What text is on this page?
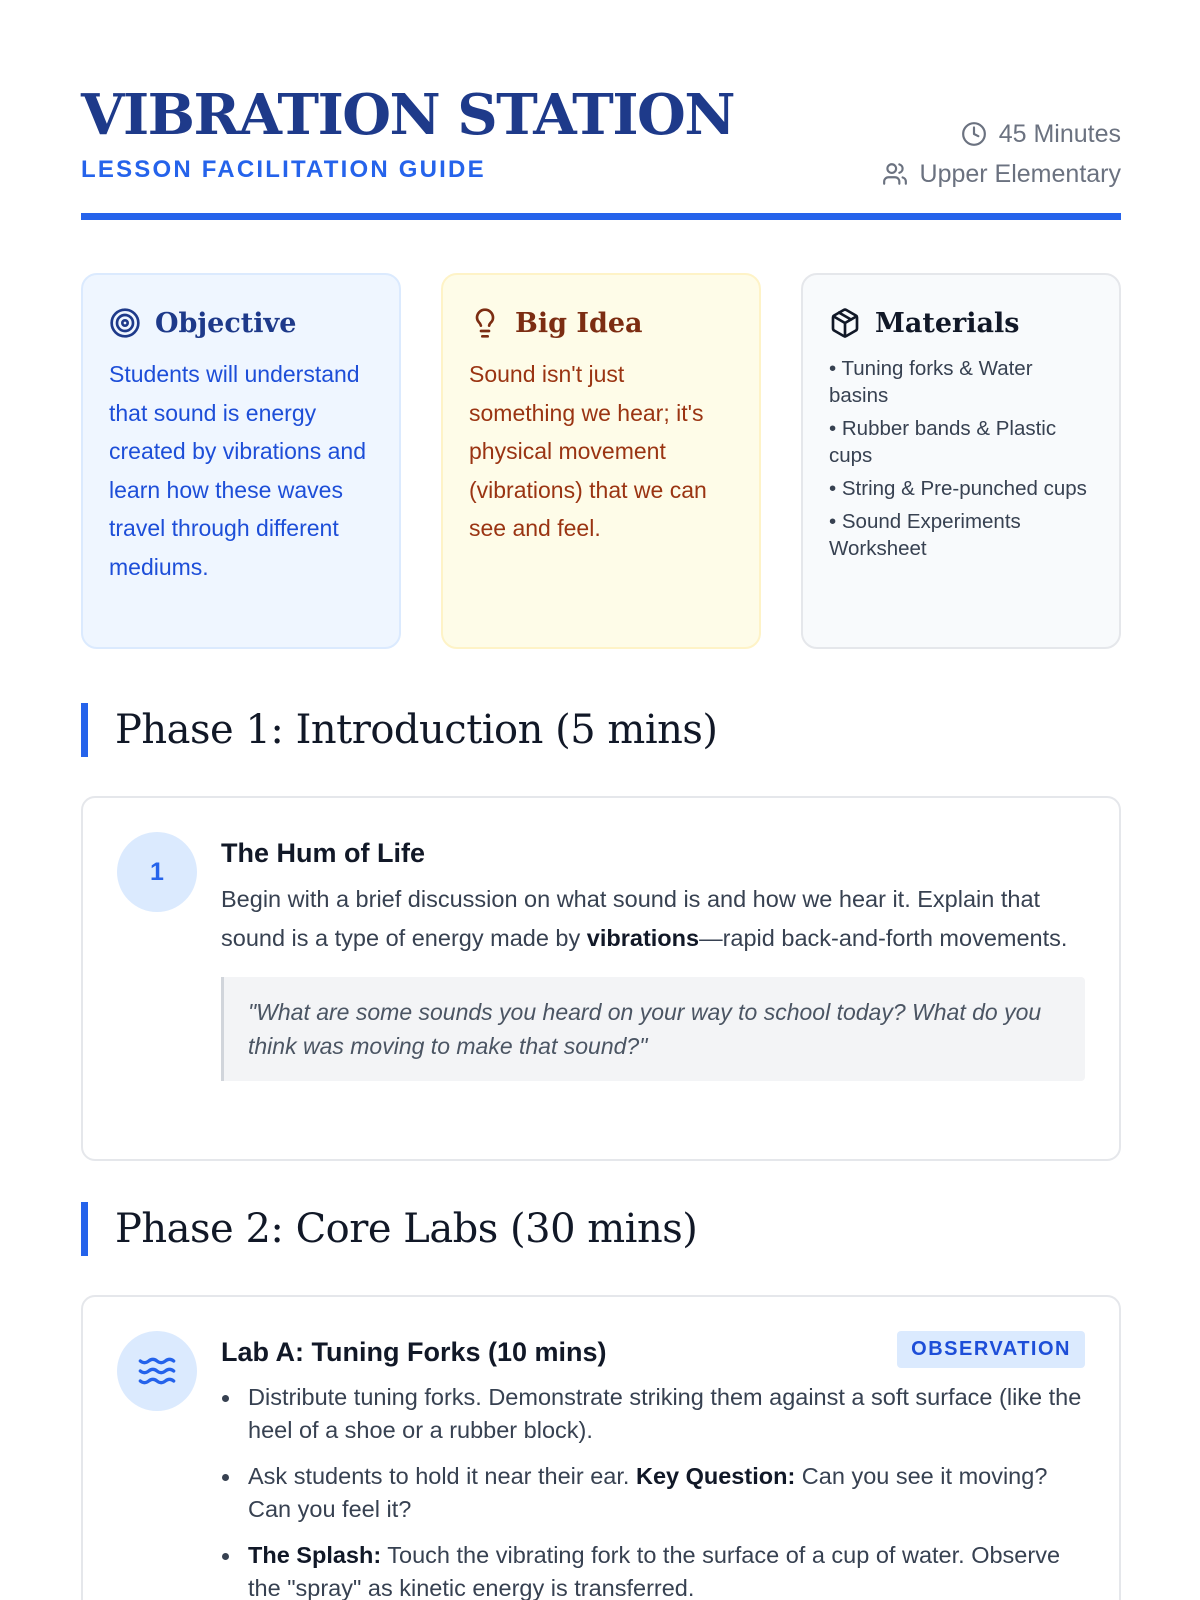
VIBRATION STATION
LESSON FACILITATION GUIDE
45 Minutes
Upper Elementary
Objective
Students will understand that sound is energy created by vibrations and learn how these waves travel through different mediums.
Big Idea
Sound isn't just something we hear; it's physical movement (vibrations) that we can see and feel.
Materials
• Tuning forks & Water basins
• Rubber bands & Plastic cups
• String & Pre-punched cups
• Sound Experiments Worksheet
Phase 1: Introduction (5 mins)
1
The Hum of Life
Begin with a brief discussion on what sound is and how we hear it. Explain that sound is a type of energy made by vibrations—rapid back-and-forth movements.
"What are some sounds you heard on your way to school today? What do you think was moving to make that sound?"
Phase 2: Core Labs (30 mins)
Lab A: Tuning Forks (10 mins)	OBSERVATION
Distribute tuning forks. Demonstrate striking them against a soft surface (like the heel of a shoe or a rubber block).
Ask students to hold it near their ear. Key Question: Can you see it moving? Can you feel it?
The Splash: Touch the vibrating fork to the surface of a cup of water. Observe the "spray" as kinetic energy is transferred.
